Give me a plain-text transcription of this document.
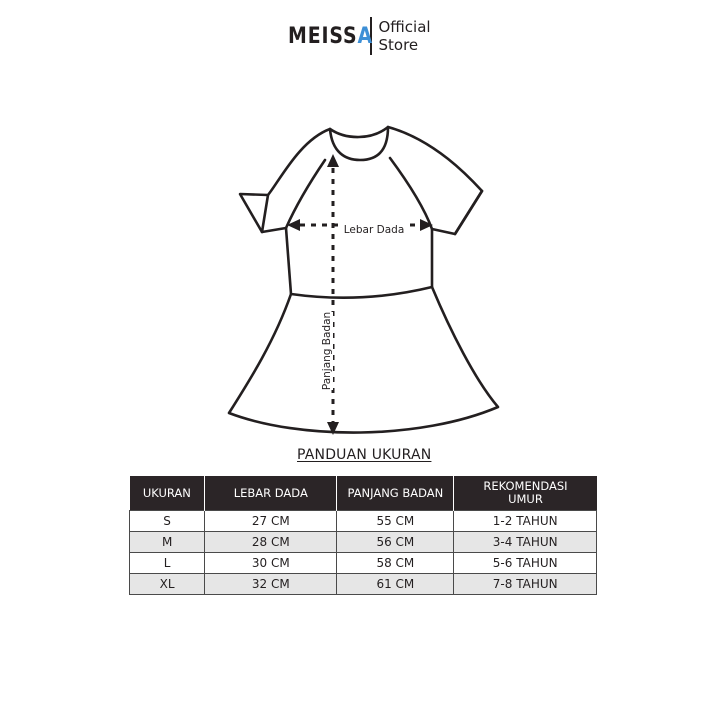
MEISSA Official
Store
Lebar Dada
Panjang Badan
PANDUAN UKURAN
UKURAN	LEBAR DADA	PANJANG BADAN	REKOMENDASI UMUR
S	27 CM	55 CM	1-2 TAHUN
M	28 CM	56 CM	3-4 TAHUN
L	30 CM	58 CM	5-6 TAHUN
XL	32 CM	61 CM	7-8 TAHUN
